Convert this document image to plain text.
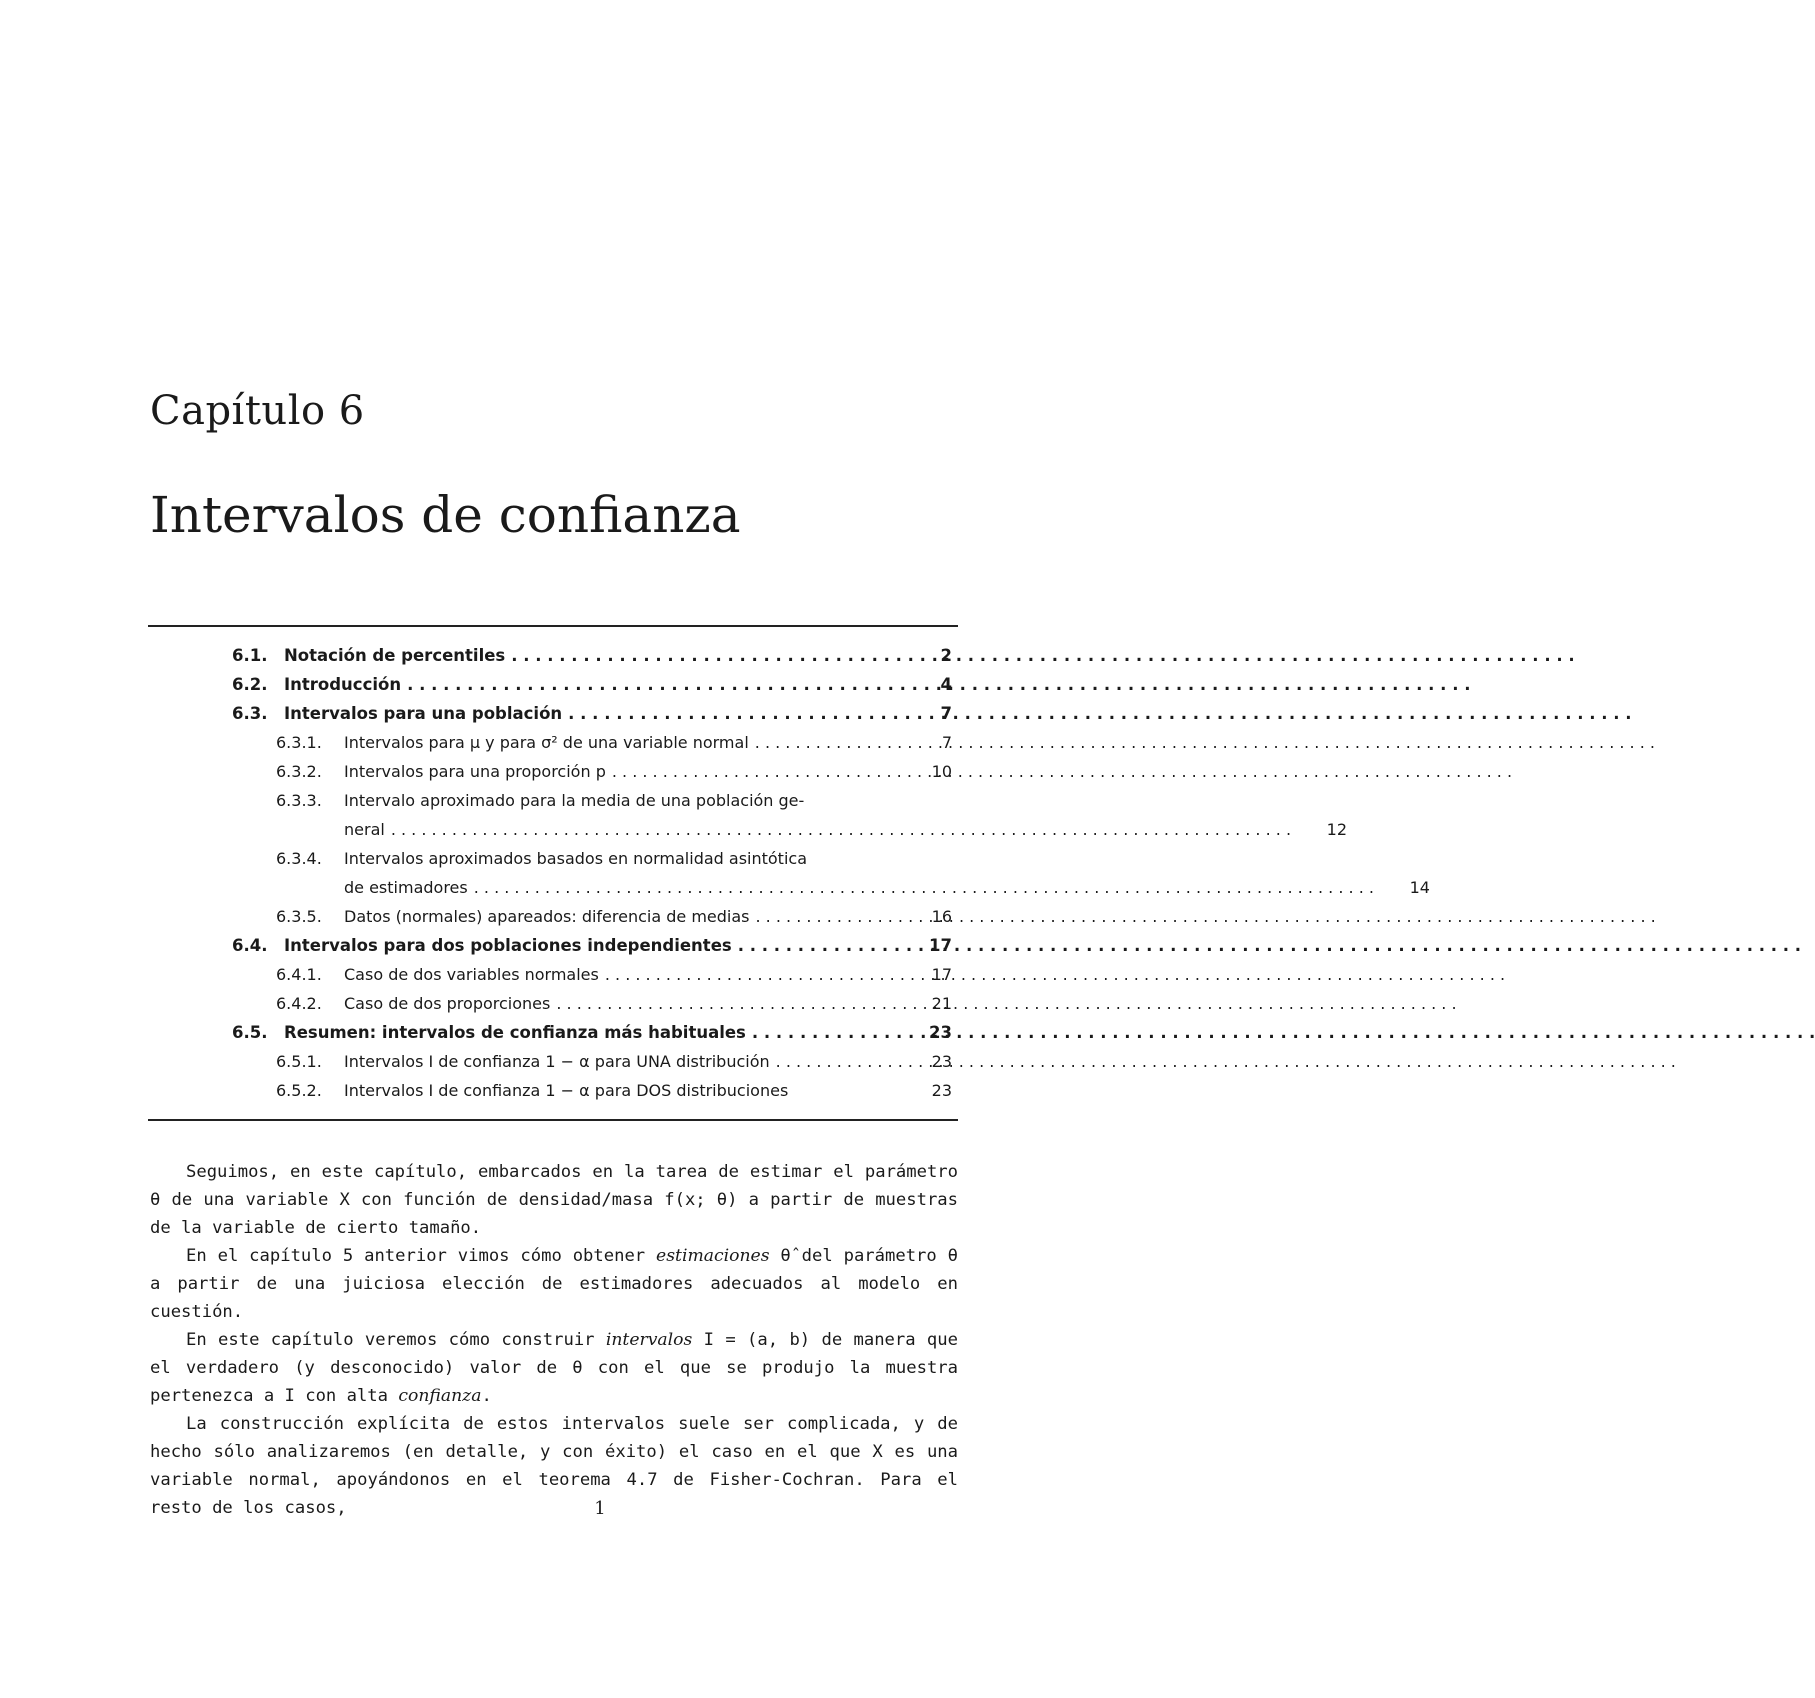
Capítulo 6
Intervalos de confianza
6.1.	Notación de percentiles . . .	2
6.2.	Introducción . . .	4
6.3.	Intervalos para una población . . .	7
6.3.1.	Intervalos para μ y para σ² de una variable normal . . .	7
6.3.2.	Intervalos para una proporción p . . .	10
6.3.3.	Intervalo aproximado para la media de una población ge-
neral . . .	12
6.3.4.	Intervalos aproximados basados en normalidad asintótica
de estimadores . . .	14
6.3.5.	Datos (normales) apareados: diferencia de medias . . .	16
6.4.	Intervalos para dos poblaciones independientes . . .	17
6.4.1.	Caso de dos variables normales . . .	17
6.4.2.	Caso de dos proporciones . . .	21
6.5.	Resumen: intervalos de confianza más habituales . . .	23
6.5.1.	Intervalos I de confianza 1 − α para UNA distribución . . .	23
6.5.2.	Intervalos I de confianza 1 − α para DOS distribuciones	23

Seguimos, en este capítulo, embarcados en la tarea de estimar el parámetro θ de una variable X con función de densidad/masa f(x; θ) a partir de muestras de la variable de cierto tamaño.

En el capítulo 5 anterior vimos cómo obtener estimaciones θ̂ del parámetro θ a partir de una juiciosa elección de estimadores adecuados al modelo en cuestión.

En este capítulo veremos cómo construir intervalos I = (a, b) de manera que el verdadero (y desconocido) valor de θ con el que se produjo la muestra pertenezca a I con alta confianza.

La construcción explícita de estos intervalos suele ser complicada, y de hecho sólo analizaremos (en detalle, y con éxito) el caso en el que X es una variable normal, apoyándonos en el teorema 4.7 de Fisher-Cochran. Para el resto de los casos,	1
